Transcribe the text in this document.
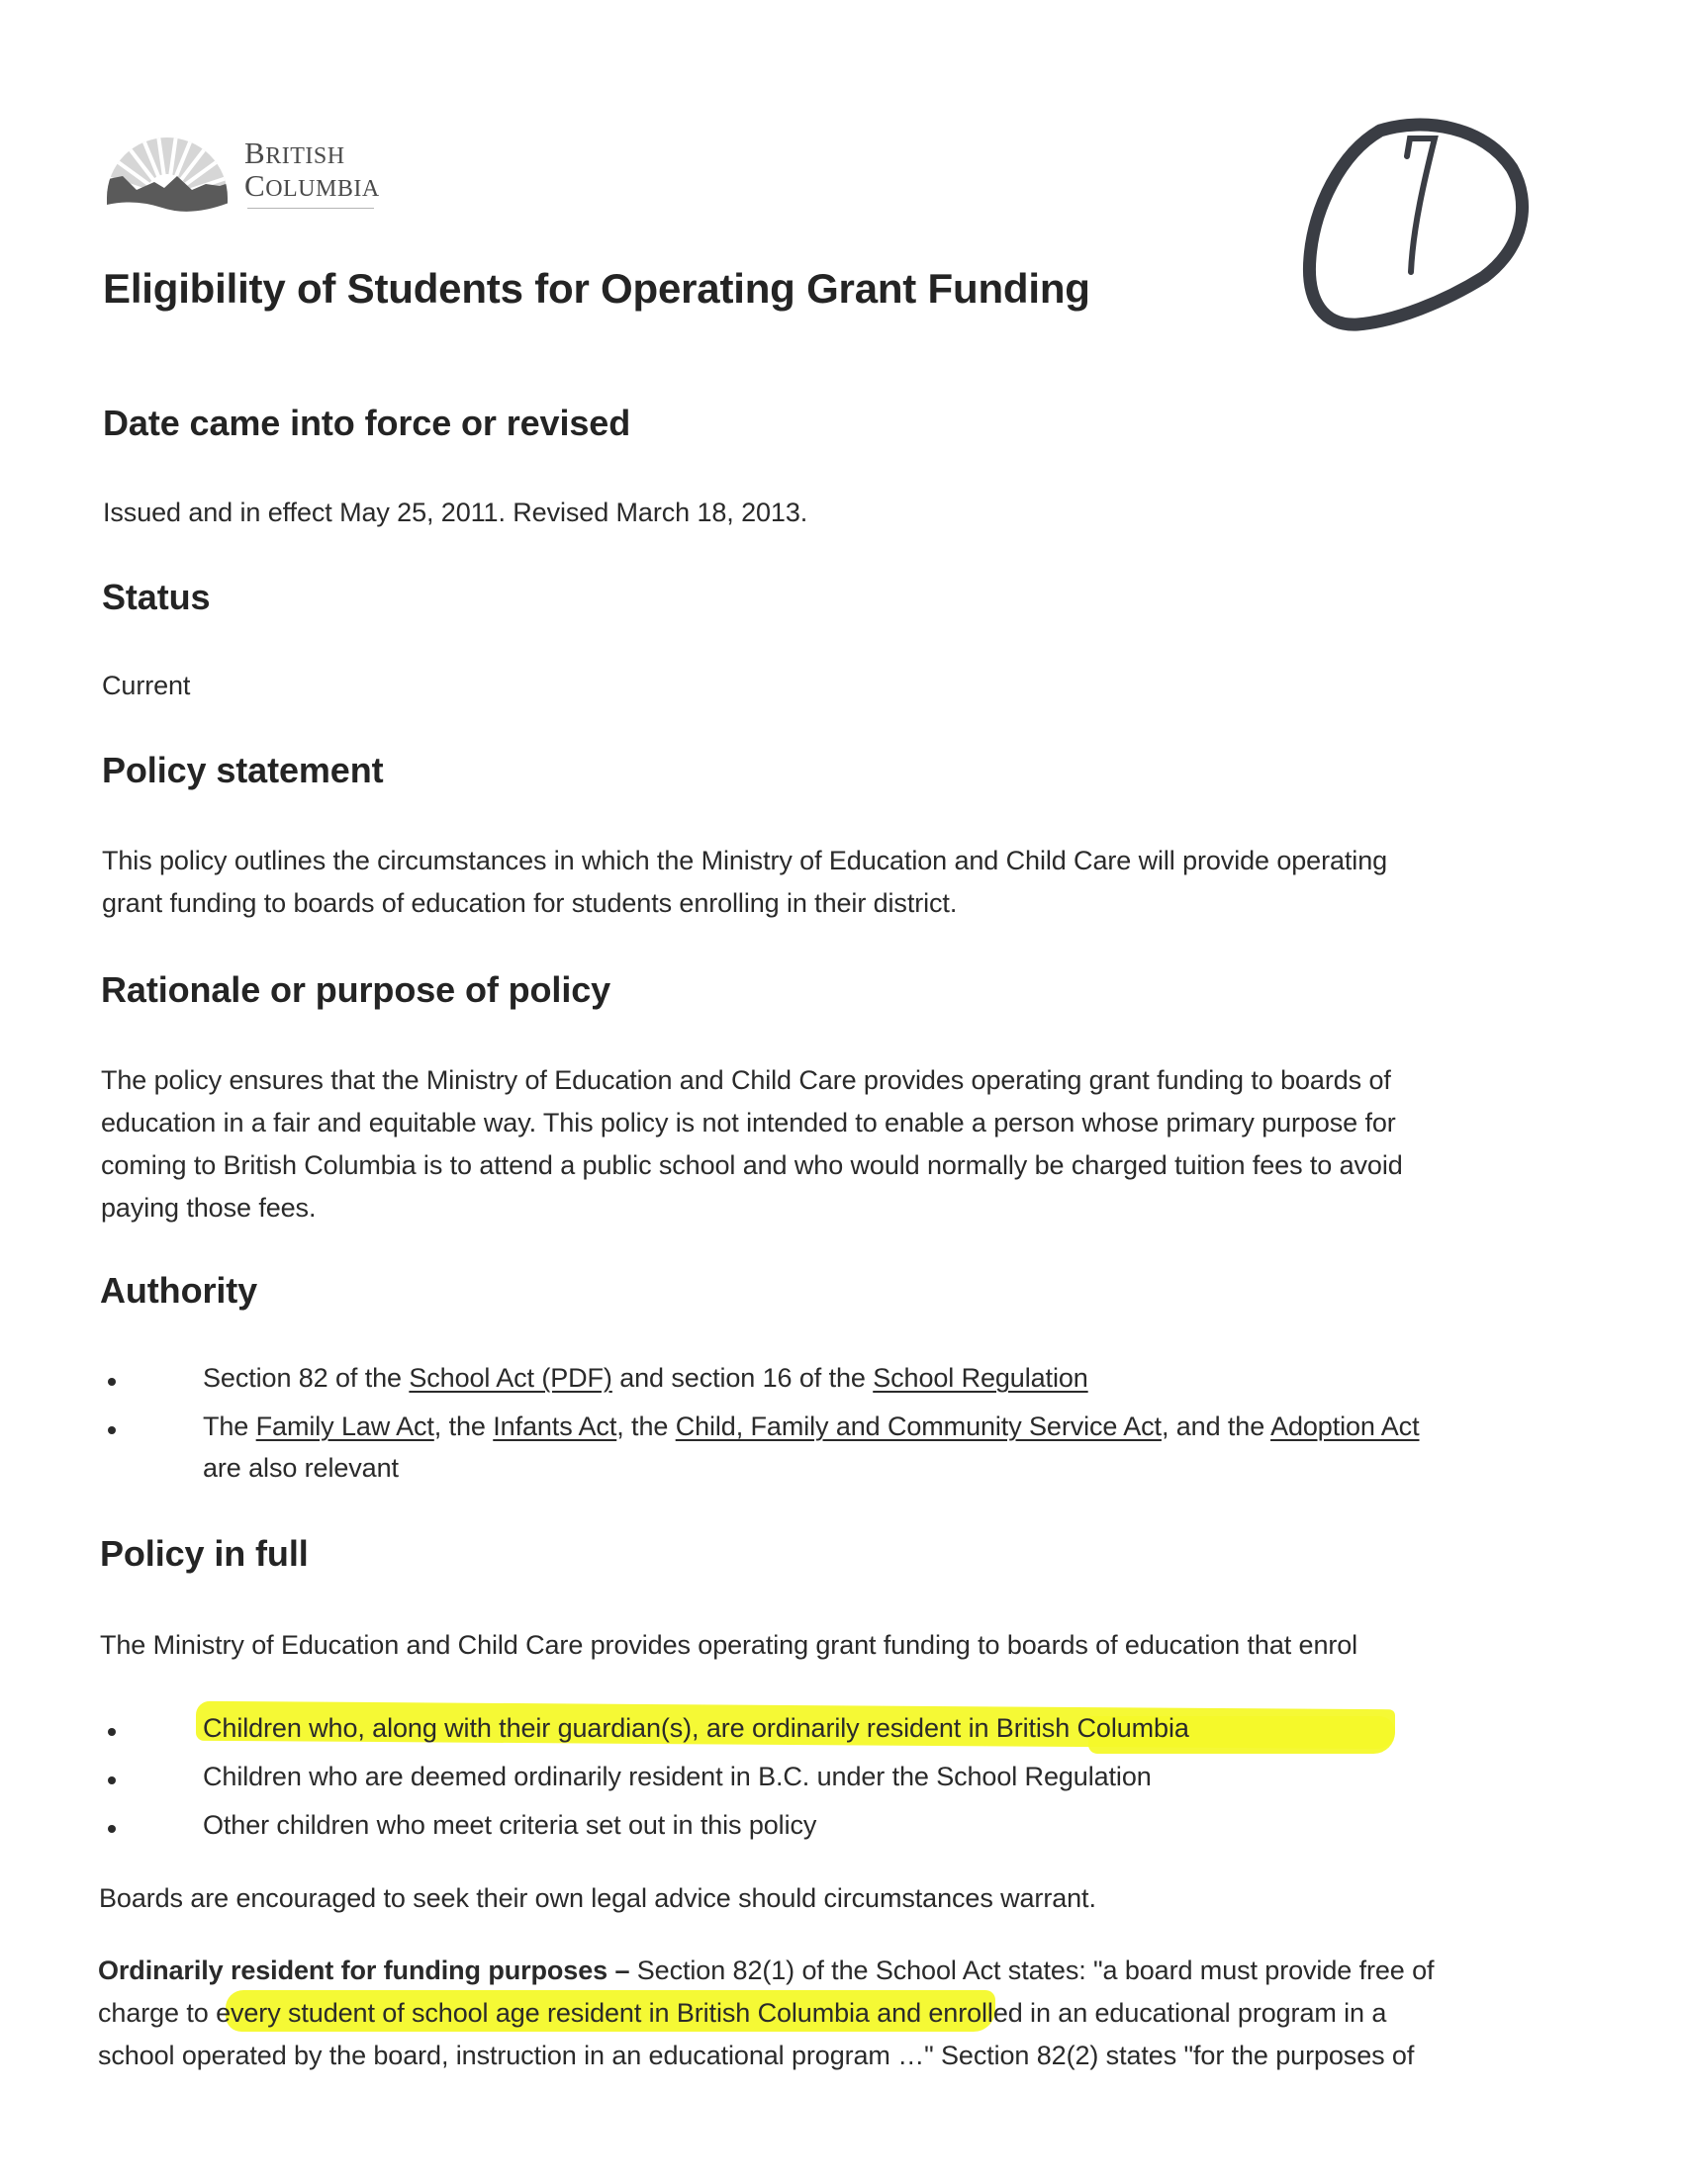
BRITISH
COLUMBIA
Eligibility of Students for Operating Grant Funding
Date came into force or revised
Issued and in effect May 25, 2011. Revised March 18, 2013.
Status
Current
Policy statement
This policy outlines the circumstances in which the Ministry of Education and Child Care will provide operating
grant funding to boards of education for students enrolling in their district.
Rationale or purpose of policy
The policy ensures that the Ministry of Education and Child Care provides operating grant funding to boards of
education in a fair and equitable way. This policy is not intended to enable a person whose primary purpose for
coming to British Columbia is to attend a public school and who would normally be charged tuition fees to avoid
paying those fees.
Authority
Section 82 of the School Act (PDF) and section 16 of the School Regulation
The Family Law Act, the Infants Act, the Child, Family and Community Service Act, and the Adoption Act
are also relevant
Policy in full
The Ministry of Education and Child Care provides operating grant funding to boards of education that enrol
Children who, along with their guardian(s), are ordinarily resident in British Columbia
Children who are deemed ordinarily resident in B.C. under the School Regulation
Other children who meet criteria set out in this policy
Boards are encouraged to seek their own legal advice should circumstances warrant.
Ordinarily resident for funding purposes – Section 82(1) of the School Act states: "a board must provide free of
charge to every student of school age resident in British Columbia and enrolled in an educational program in a
school operated by the board, instruction in an educational program …" Section 82(2) states "for the purposes of
